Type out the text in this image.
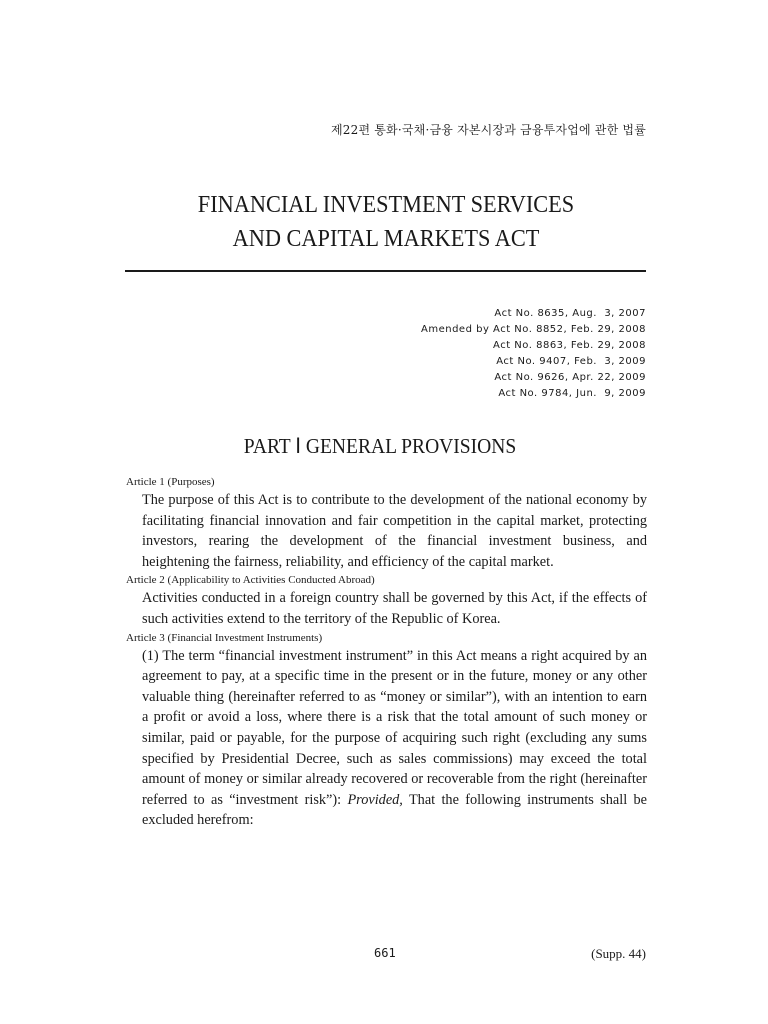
제22편 통화·국채·금융 자본시장과 금융투자업에 관한 법률
FINANCIAL INVESTMENT SERVICES
AND CAPITAL MARKETS ACT
Act No. 8635, Aug.  3, 2007
Amended by Act No. 8852, Feb. 29, 2008
Act No. 8863, Feb. 29, 2008
Act No. 9407, Feb.  3, 2009
Act No. 9626, Apr. 22, 2009
Act No. 9784, Jun.  9, 2009
PART Ⅰ GENERAL PROVISIONS
Article 1 (Purposes)

The purpose of this Act is to contribute to the development of the national economy by facilitating financial innovation and fair competition in the capital market, protecting investors, rearing the development of the financial investment business, and heightening the fairness, reliability, and efficiency of the capital market.

Article 2 (Applicability to Activities Conducted Abroad)

Activities conducted in a foreign country shall be governed by this Act, if the effects of such activities extend to the territory of the Republic of Korea.

Article 3 (Financial Investment Instruments)

(1) The term “financial investment instrument” in this Act means a right acquired by an agreement to pay, at a specific time in the present or in the future, money or any other valuable thing (hereinafter referred to as “money or similar”), with an intention to earn a profit or avoid a loss, where there is a risk that the total amount of such money or similar, paid or payable, for the purpose of acquiring such right (excluding any sums specified by Presidential Decree, such as sales commissions) may exceed the total amount of money or similar already recovered or recoverable from the right (hereinafter referred to as “investment risk”): Provided, That the following instruments shall be excluded herefrom:

661	(Supp. 44)
